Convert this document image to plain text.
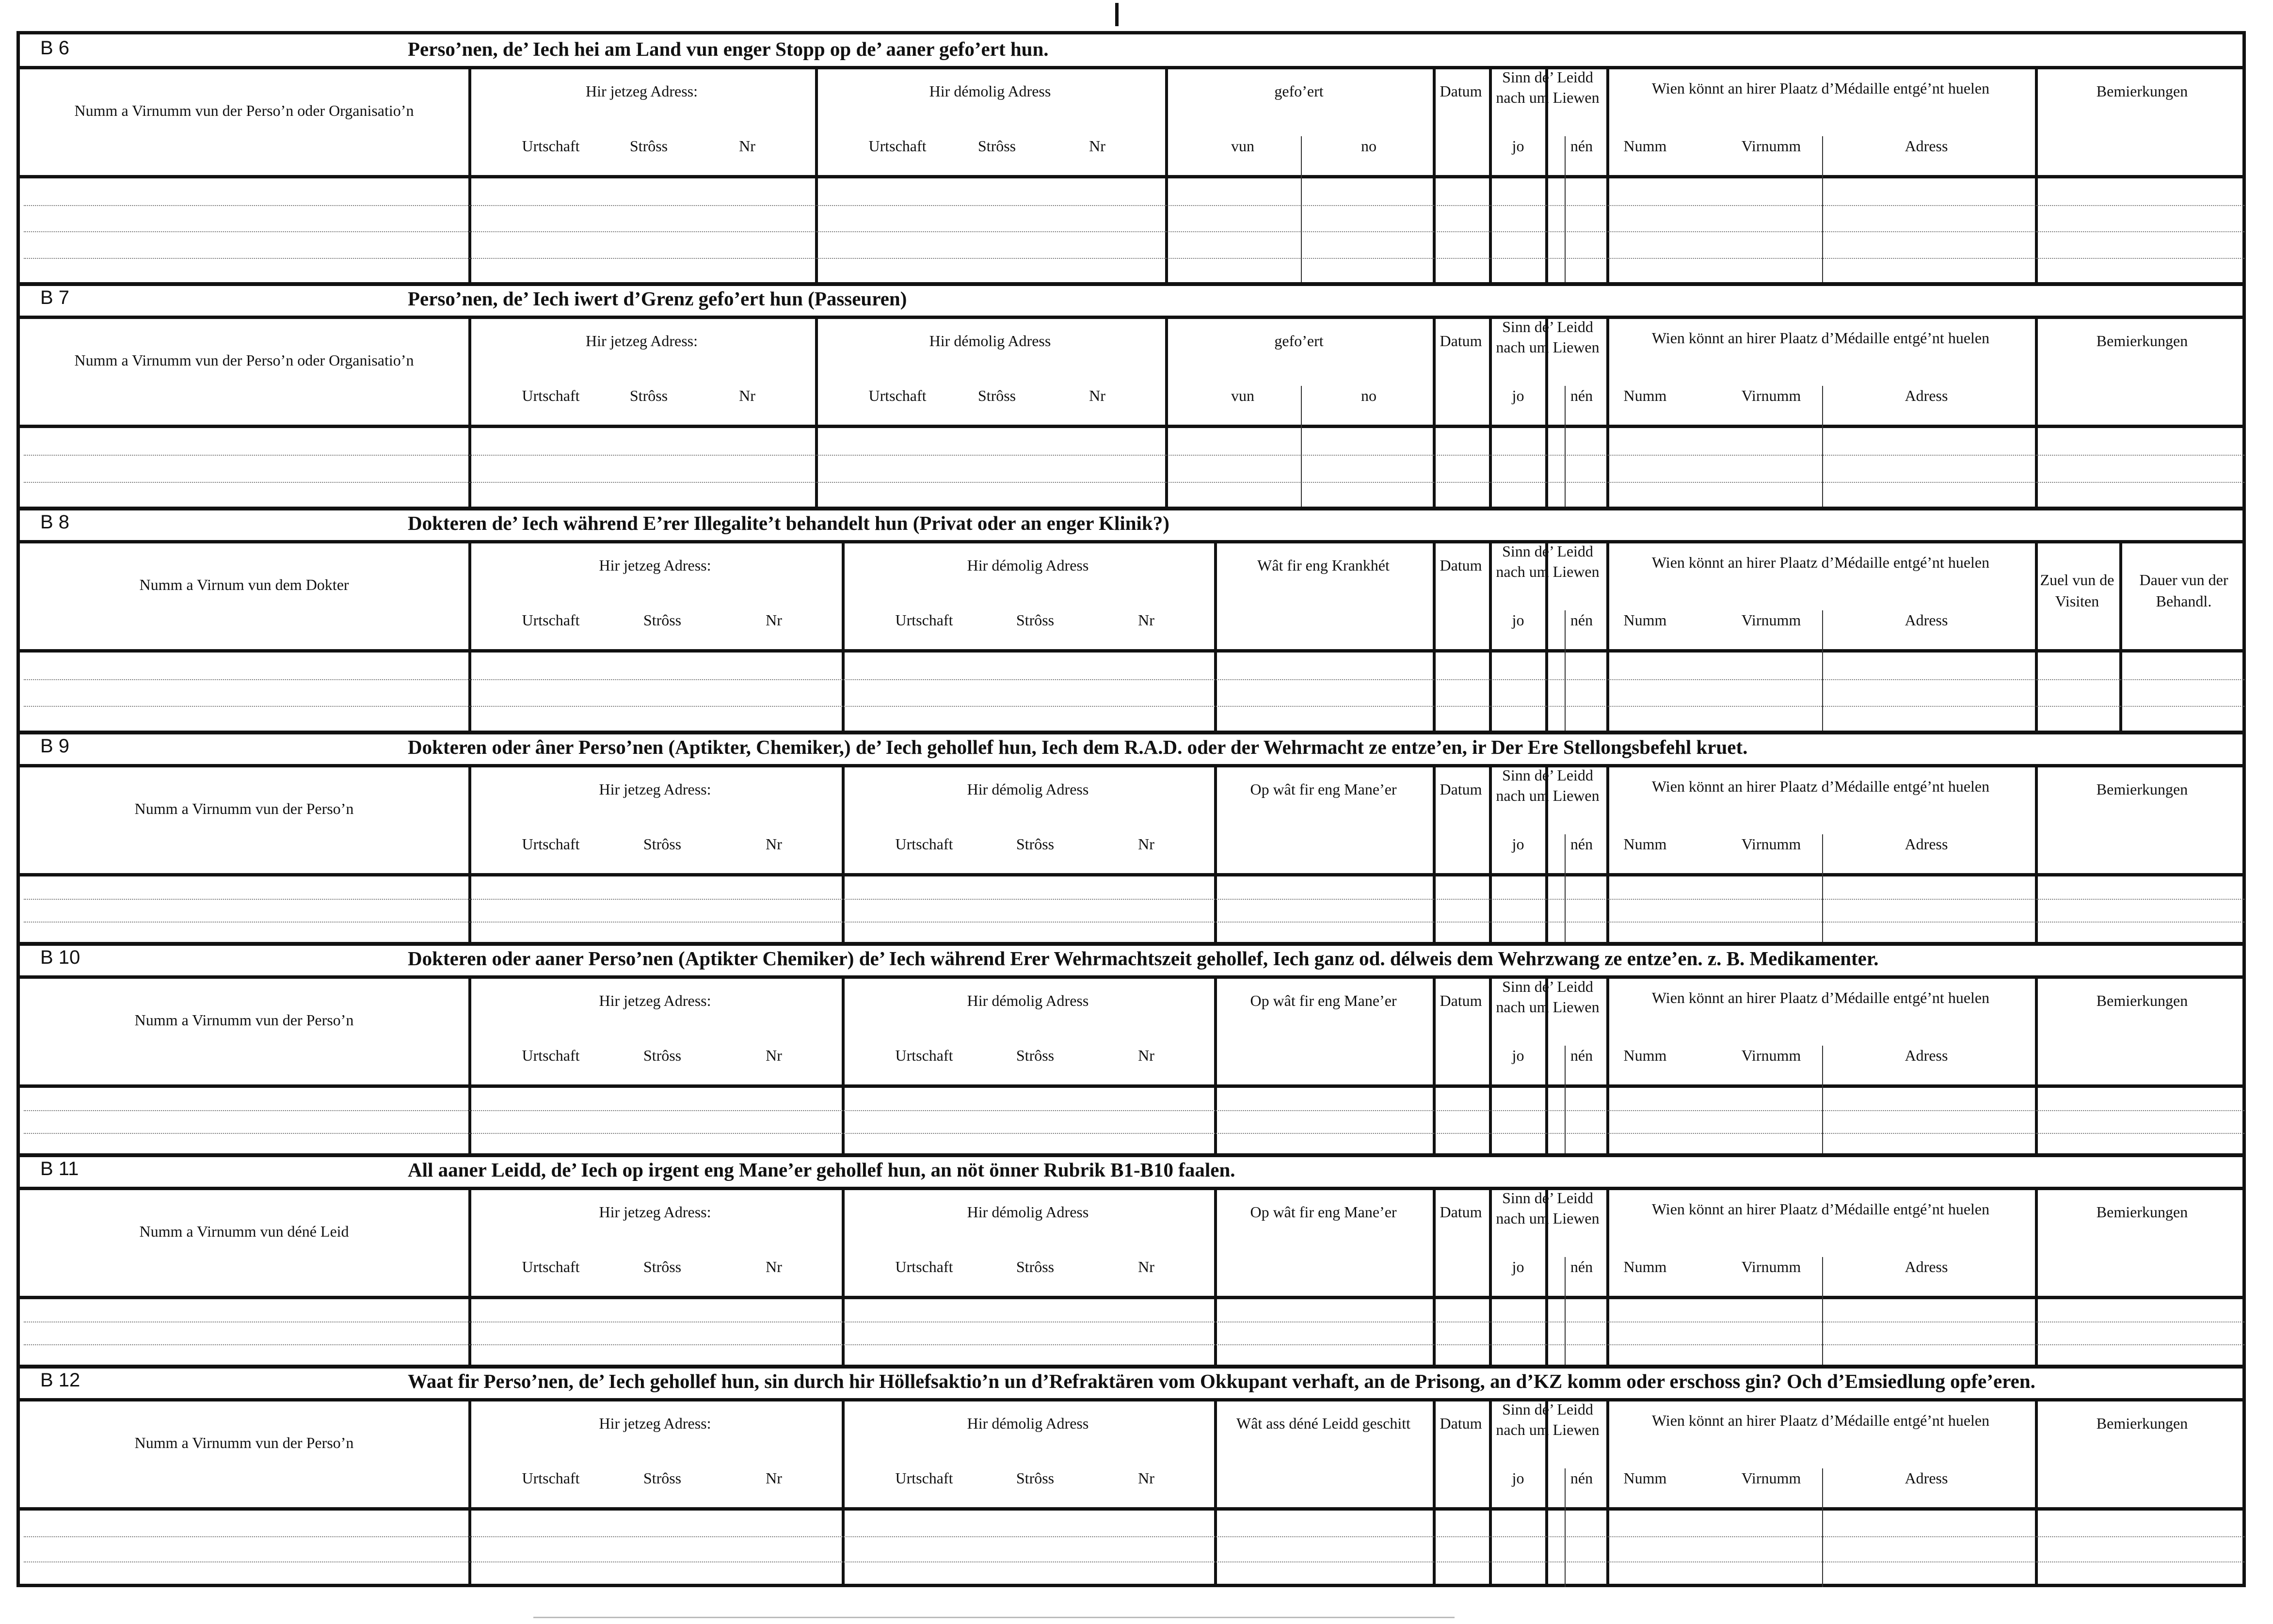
B 6	Perso’nen, de’ Iech hei am Land vun enger Stopp op de’ aaner gefo’ert hun.
Numm a Virnumm vun der Perso’n oder Organisatio’n
Hir jetzeg Adress:
Urtschaft	Strôss	Nr
Hir démolig Adress
Urtschaft	Strôss	Nr
gefo’ert
vun	no
Datum
Sinn de’ Leidd nach um Liewen
jo	nén
Wien könnt an hirer Plaatz d’Médaille entgé’nt huelen
Numm	Virnumm	Adress
Bemierkungen
B 7	Perso’nen, de’ Iech iwert d’Grenz gefo’ert hun (Passeuren)
Numm a Virnumm vun der Perso’n oder Organisatio’n
Hir jetzeg Adress:
Urtschaft	Strôss	Nr
Hir démolig Adress
Urtschaft	Strôss	Nr
gefo’ert
vun	no
Datum
Sinn de’ Leidd nach um Liewen
jo	nén
Wien könnt an hirer Plaatz d’Médaille entgé’nt huelen
Numm	Virnumm	Adress
Bemierkungen
B 8	Dokteren de’ Iech während E’rer Illegalite’t behandelt hun (Privat oder an enger Klinik?)
Numm a Virnum vun dem Dokter
Hir jetzeg Adress:
Urtschaft	Strôss	Nr
Hir démolig Adress
Urtschaft	Strôss	Nr
Wât fir eng Krankhét	Datum
Sinn de’ Leidd nach um Liewen
jo	nén
Wien könnt an hirer Plaatz d’Médaille entgé’nt huelen
Numm	Virnumm	Adress
Zuel vun de Visiten
Dauer vun der Behandl.
B 9	Dokteren oder âner Perso’nen (Aptikter, Chemiker,) de’ Iech gehollef hun, Iech dem R.A.D. oder der Wehrmacht ze entze’en, ir Der Ere Stellongsbefehl kruet.
Numm a Virnumm vun der Perso’n
Hir jetzeg Adress:
Urtschaft	Strôss	Nr
Hir démolig Adress
Urtschaft	Strôss	Nr
Op wât fir eng Mane’er	Datum
Sinn de’ Leidd nach um Liewen
jo	nén
Wien könnt an hirer Plaatz d’Médaille entgé’nt huelen
Numm	Virnumm	Adress
Bemierkungen
B 10	Dokteren oder aaner Perso’nen (Aptikter Chemiker) de’ Iech während Erer Wehrmachtszeit gehollef, Iech ganz od. délweis dem Wehrzwang ze entze’en. z. B. Medikamenter.
Numm a Virnumm vun der Perso’n
Hir jetzeg Adress:
Urtschaft	Strôss	Nr
Hir démolig Adress
Urtschaft	Strôss	Nr
Op wât fir eng Mane’er	Datum
Sinn de’ Leidd nach um Liewen
jo	nén
Wien könnt an hirer Plaatz d’Médaille entgé’nt huelen
Numm	Virnumm	Adress
Bemierkungen
B 11	All aaner Leidd, de’ Iech op irgent eng Mane’er gehollef hun, an nöt önner Rubrik B1-B10 faalen.
Numm a Virnumm vun déné Leid
Hir jetzeg Adress:
Urtschaft	Strôss	Nr
Hir démolig Adress
Urtschaft	Strôss	Nr
Op wât fir eng Mane’er	Datum
Sinn de’ Leidd nach um Liewen
jo	nén
Wien könnt an hirer Plaatz d’Médaille entgé’nt huelen
Numm	Virnumm	Adress
Bemierkungen
B 12	Waat fir Perso’nen, de’ Iech gehollef hun, sin durch hir Höllefsaktio’n un d’Refraktären vom Okkupant verhaft, an de Prisong, an d’KZ komm oder erschoss gin? Och d’Emsiedlung opfe’eren.
Numm a Virnumm vun der Perso’n
Hir jetzeg Adress:
Urtschaft	Strôss	Nr
Hir démolig Adress
Urtschaft	Strôss	Nr
Wât ass déné Leidd geschitt	Datum
Sinn de’ Leidd nach um Liewen
jo	nén
Wien könnt an hirer Plaatz d’Médaille entgé’nt huelen
Numm	Virnumm	Adress
Bemierkungen
